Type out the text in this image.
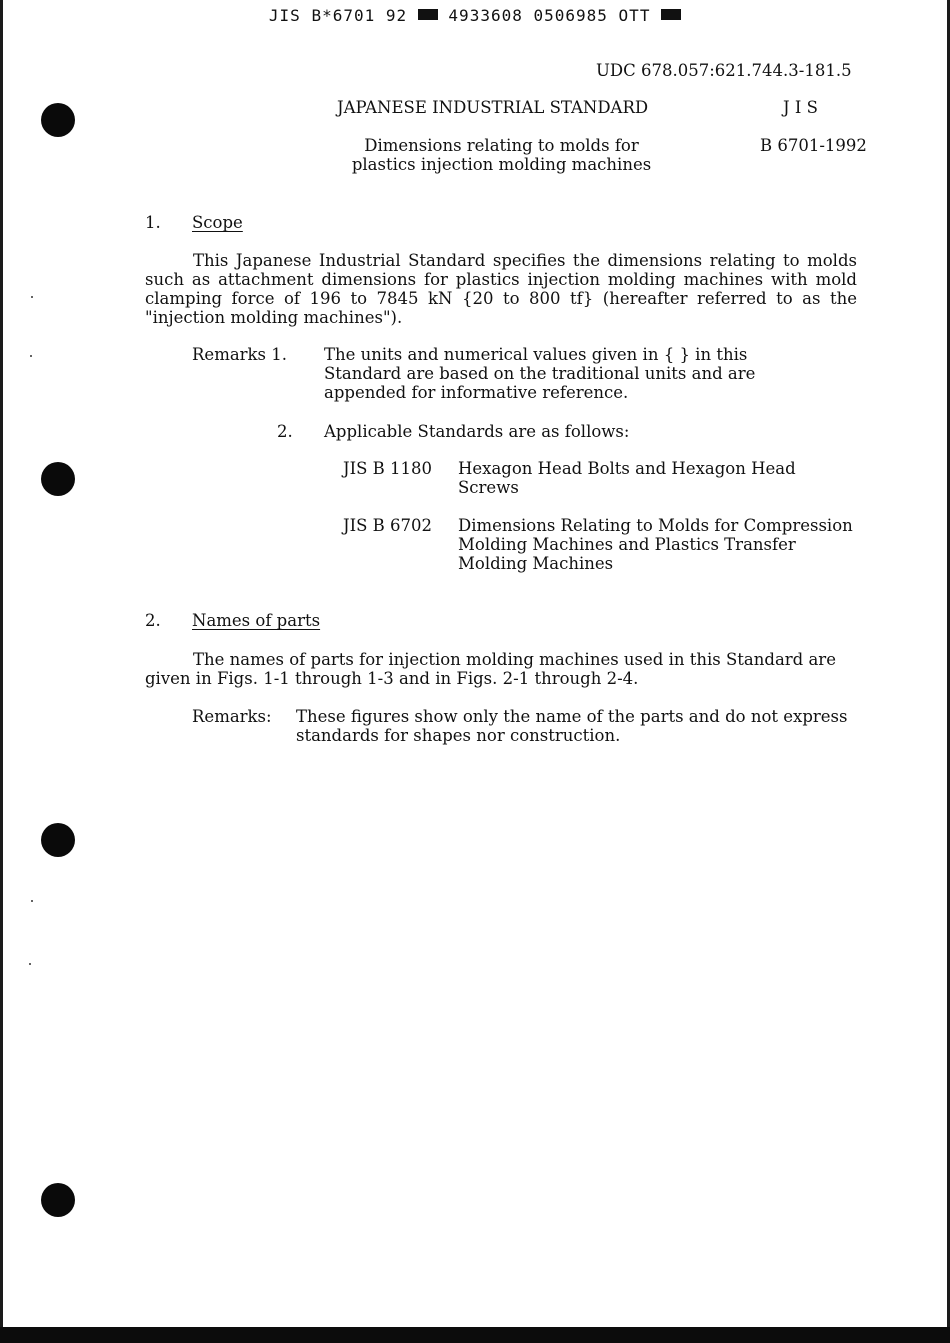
JIS B*6701 92	4933608 0506985 OTT
UDC 678.057:621.744.3-181.5
JAPANESE INDUSTRIAL STANDARD	J I S
Dimensions relating to molds for
plastics injection molding machines
B 6701-1992
1. Scope
This Japanese Industrial Standard specifies the dimensions relating to molds such as attachment dimensions for plastics injection molding machines with mold clamping force of 196 to 7845 kN {20 to 800 tf} (hereafter referred to as the "injection molding machines").
Remarks 1. The units and numerical values given in { } in this Standard are based on the traditional units and are appended for informative reference.
2. Applicable Standards are as follows:
JIS B 1180 Hexagon Head Bolts and Hexagon Head Screws
JIS B 6702 Dimensions Relating to Molds for Compression Molding Machines and Plastics Transfer Molding Machines
2. Names of parts
The names of parts for injection molding machines used in this Standard are given in Figs. 1-1 through 1-3 and in Figs. 2-1 through 2-4.
Remarks: These figures show only the name of the parts and do not express standards for shapes nor construction.
